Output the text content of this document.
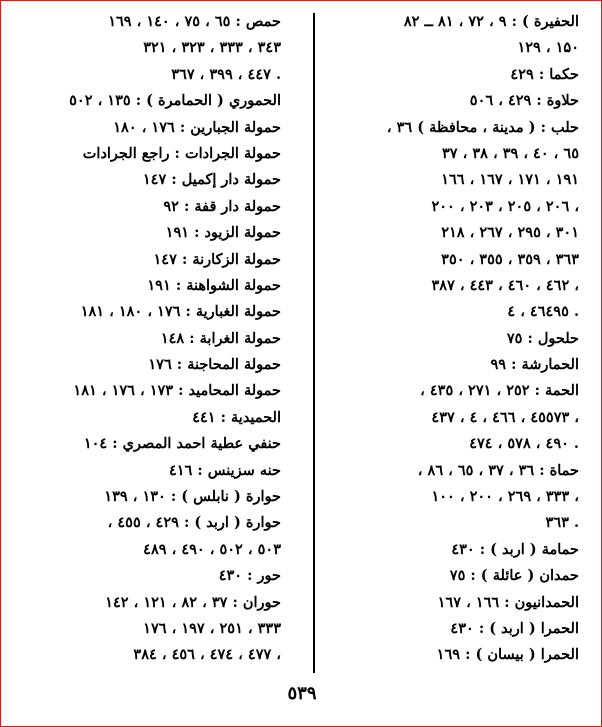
الحفيرة ) : ۹ ، ۷۲ ، ۸۱ ــ ۸۲
۱۲۹ ، ۱۵۰
حكما : ٤٢۹
حلاوة : ٤٢۹ ، ٥۰٦
حلب : ( مدينة ، محافظة ) ۳٦ ،
۳۷ ، ۳۸ ، ۳۹ ، ٤۰ ، ٦٥
۱٦٦ ، ۱٦۷ ، ۱۷۱ ، ۱۹۱
۲۰۰ ، ۲۰۳ ، ۲۰٥ ، ۲۰٦ ،
۲۱۸ ، ۲٦۷ ، ۲۹٥ ، ۳۰۱
۳٥۰ ، ۳٥٥ ، ۳٥۹ ، ۳٦۳
۳۸۷ ، ٤٤۳ ، ٤٦۰ ، ٤٦۲ ،
٤٦٤ ، ٤۹٥ .
حلحول : ۷٥
الحمارشة : ۹۹
الحمة : ۲٥۲ ، ۲۷۱ ، ٤۳٥ ،
٤۳۷ ، ٤٥٥ ، ٤٦٦ ، ٤۷۳ ،
٤۷٥ ، ٤۷۸ ، ٤۹۰ .
حماة : ۳٦ ، ۳۷ ، ٦٥ ، ۸٦ ،
۱۰۰ ، ۲۰۰ ، ۲٦۹ ، ۳۳۳ ،
۳٦۳ .
حمامة ( اربد ) : ٤۳۰
حمدان ( عائلة ) : ۷٥
الحمدانيون : ۱٦٦ ، ۱٦۷
الحمرا ( اربد ) : ٤۳۰
الحمرا ( بيسان ) : ۱٦۹
حمص : ٦٥ ، ۷٥ ، ۱٤۰ ، ۱٦۹
۳۲۱ ، ۳۲۳ ، ۳۳۳ ، ۳٤۳
۳٦۷ ، ۳۹۹ ، ٤٤۷ .
الحموري ( الحمامرة ) : ۱۳٥ ، ٥۰۲
حمولة الجبارين : ۱۷٦ ، ۱۸۰
حمولة الجرادات : راجع الجرادات
حمولة دار إكميل : ۱٤۷
حمولة دار قفة : ۹۲
حمولة الزيود : ۱۹۱
حمولة الزكارنة : ۱٤۷
حمولة الشواهنة : ۱۹۱
حمولة الغبارية : ۱۷٦ ، ۱۸۰ ، ۱۸۱
حمولة الغرابة : ۱٤۸
حمولة المحاجنة : ۱۷٦
حمولة المحاميد : ۱۷۳ ، ۱۷٦ ، ۱۸۱
الحميدية : ٤٤۱
حنفي عطية احمد المصري : ۱۰٤
حنه سزينس : ٤۱٦
حوارة ( نابلس ) : ۱۳۰ ، ۱۳۹
حوارة ( اربد ) : ٤۲۹ ، ٤٥٥ ،
٤۸۹ ، ٤۹۰ ، ٥۰۲ ، ٥۰۳
حور : ٤۳۰
حوران : ۳۷ ، ۸۲ ، ۱۲۱ ، ۱٤۲
۱۷٦ ، ۱۹۷ ، ۲٥۱ ، ۳۳۳
۳۸٤ ، ٤٥٦ ، ٤۷٤ ، ٤۷۷ ،
٥۳۹
